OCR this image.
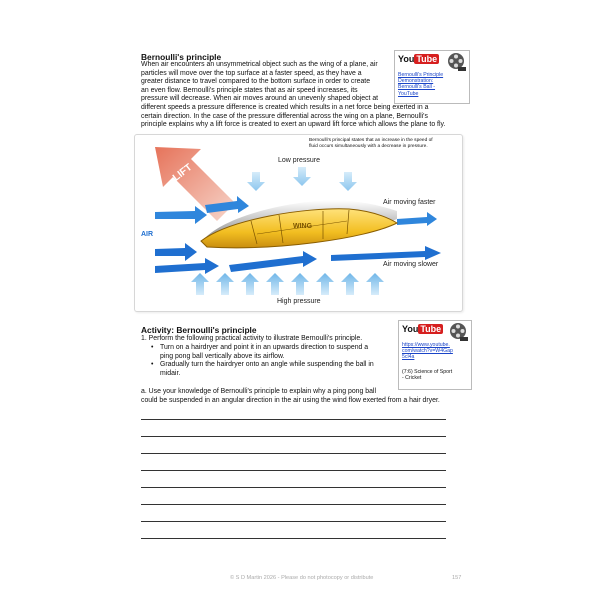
Bernoulli's principle
When air encounters an unsymmetrical object such as the wing of a plane, air
particles will move over the top surface at a faster speed, as they have a
greater distance to travel compared to the bottom surface in order to create
an even flow. Bernoulli's principle states that as air speed increases, its
pressure will decrease. When air moves around an unevenly shaped object at
different speeds a pressure difference is created which results in a net force being exerted in a
certain direction. In the case of the pressure differential across the wing on a plane, Bernoulli's
principle explains why a lift force is created to exert an upward lift force which allows the plane to fly.
You Tube
Bernoulli's Principle
Demonstration:
Bernoulli's Ball -
YouTube
Bernoulli's principal states that an increase in the speed of
fluid occurs simultaneously with a decrease in pressure.
LIFT
AIR
WING
Low pressure
Air moving faster
Air moving slower
High pressure
Activity: Bernoulli's principle
1. Perform the following practical activity to illustrate Bernoulli's principle.
• Turn on a hairdryer and point it in an upwards direction to suspend a
ping pong ball vertically above its airflow.
• Gradually turn the hairdryer onto an angle while suspending the ball in
midair.
a. Use your knowledge of Bernoulli's principle to explain why a ping pong ball
could be suspended in an angular direction in the air using the wind flow exerted from a hair dryer.
You Tube
https://www.youtube.
com/watch?v=W4Gap
5cl4a
(7:6) Science of Sport
- Cricket
© S D Martin 2026 - Please do not photocopy or distribute	157
